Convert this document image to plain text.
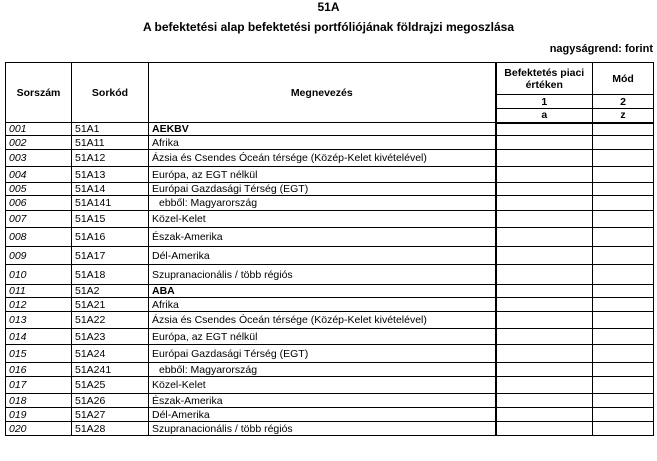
51A
A befektetési alap befektetési portfóliójának földrajzi megoszlása
nagyságrend: forint
Sorszám	Sorkód	Megnevezés	Befektetés piaci értéken	Mód
			1	2
			a	z
001	51A1	AEKBV		
002	51A11	Afrika		
003	51A12	Ázsia és Csendes Óceán térsége (Közép-Kelet kivételével)		
004	51A13	Európa, az EGT nélkül		
005	51A14	Európai Gazdasági Térség (EGT)		
006	51A141	ebből: Magyarország		
007	51A15	Közel-Kelet		
008	51A16	Észak-Amerika		
009	51A17	Dél-Amerika		
010	51A18	Szupranacionális / több régiós		
011	51A2	ABA		
012	51A21	Afrika		
013	51A22	Ázsia és Csendes Óceán térsége (Közép-Kelet kivételével)		
014	51A23	Európa, az EGT nélkül		
015	51A24	Európai Gazdasági Térség (EGT)		
016	51A241	ebből: Magyarország		
017	51A25	Közel-Kelet		
018	51A26	Észak-Amerika		
019	51A27	Dél-Amerika		
020	51A28	Szupranacionális / több régiós		
